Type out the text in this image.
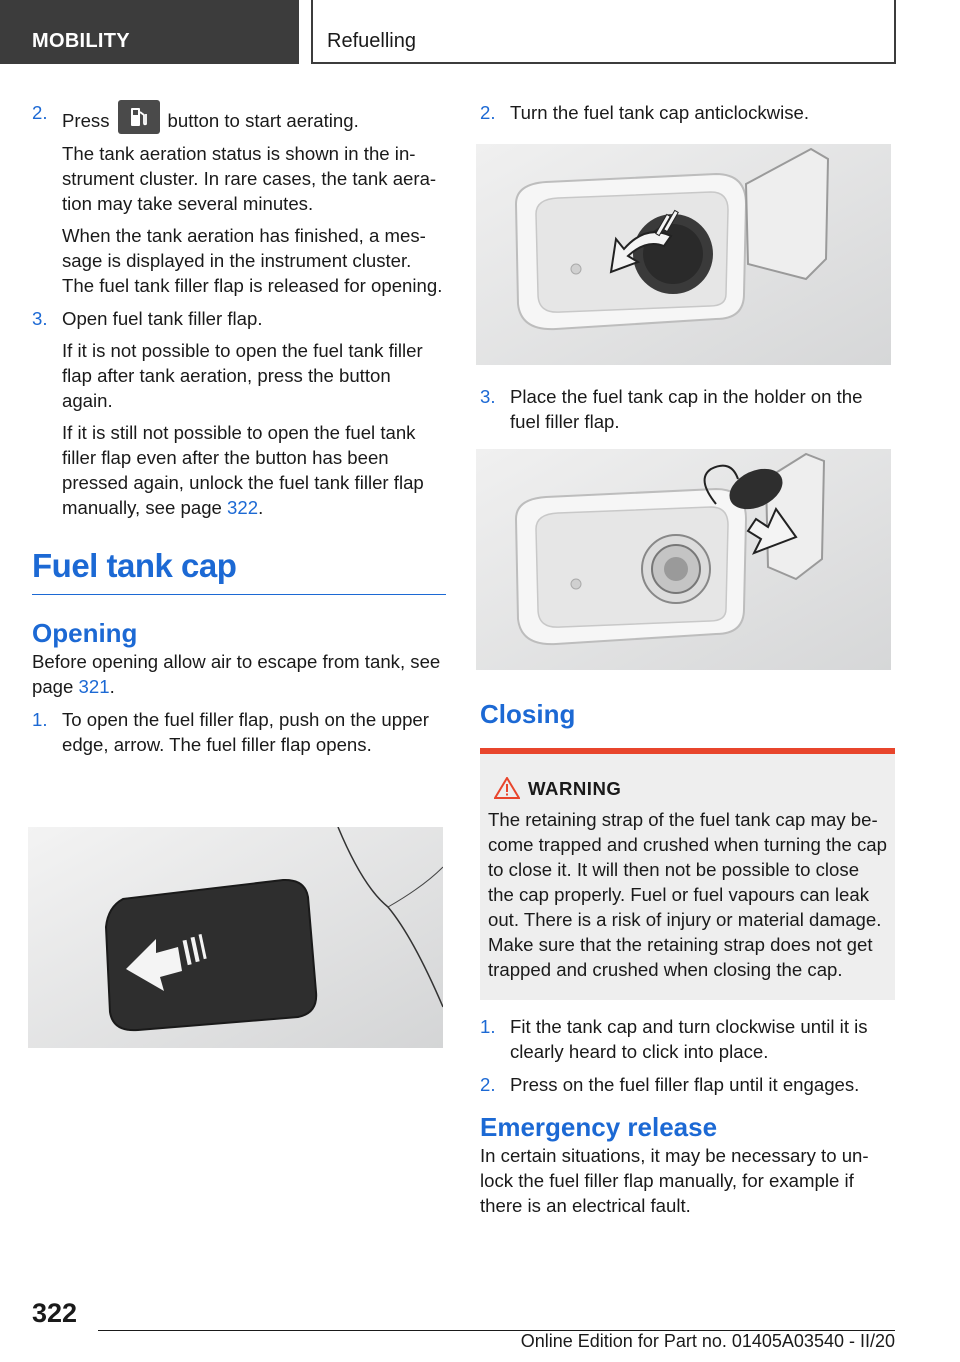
MOBILITY	Refuelling
2. Press	button to start aerating.

The tank aeration status is shown in the instrument cluster. In rare cases, the tank aeration may take several minutes.

When the tank aeration has finished, a message is displayed in the instrument cluster. The fuel tank filler flap is released for opening.

3. Open fuel tank filler flap.

If it is not possible to open the fuel tank filler flap after tank aeration, press the button again.

If it is still not possible to open the fuel tank filler flap even after the button has been pressed again, unlock the fuel tank filler flap manually, see page 322.

Fuel tank cap
Opening

Before opening allow air to escape from tank, see page 321.

1. To open the fuel filler flap, push on the upper edge, arrow. The fuel filler flap opens.

2. Turn the fuel tank cap anticlockwise.

3. Place the fuel tank cap in the holder on the fuel filler flap.

Closing
WARNING

The retaining strap of the fuel tank cap may become trapped and crushed when turning the cap to close it. It will then not be possible to close the cap properly. Fuel or fuel vapours can leak out. There is a risk of injury or material damage. Make sure that the retaining strap does not get trapped and crushed when closing the cap.

1. Fit the tank cap and turn clockwise until it is clearly heard to click into place.

2. Press on the fuel filler flap until it engages.

Emergency release

In certain situations, it may be necessary to unlock the fuel filler flap manually, for example if there is an electrical fault.

322
Online Edition for Part no. 01405A03540 - II/20
